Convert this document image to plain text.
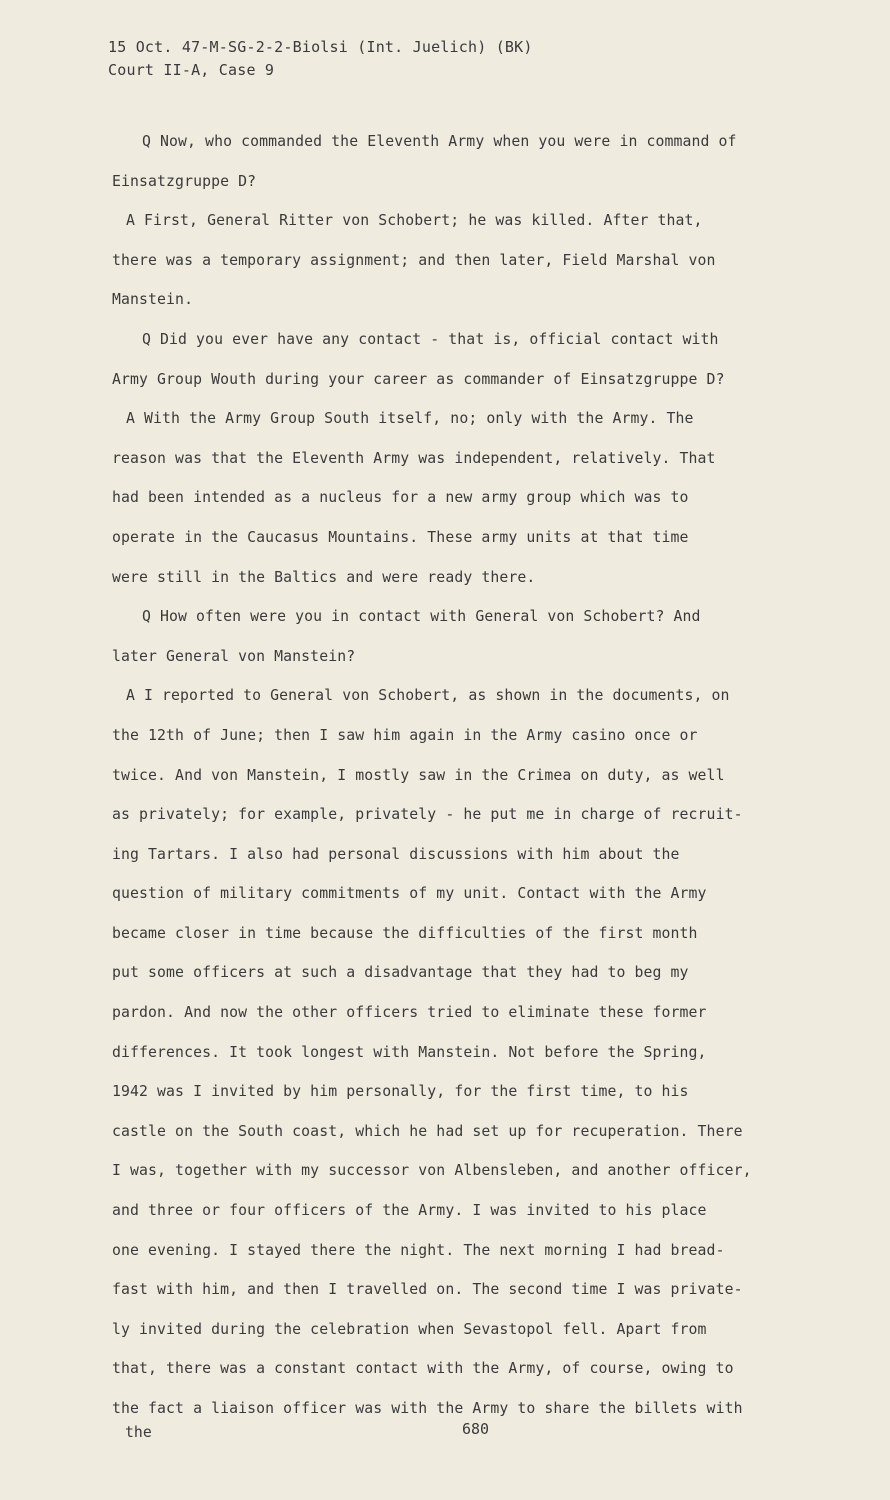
15 Oct. 47-M-SG-2-2-Biolsi (Int. Juelich) (BK)
Court II-A, Case 9
Q Now, who commanded the Eleventh Army when you were in command of
Einsatzgruppe D?
A First, General Ritter von Schobert; he was killed. After that,
there was a temporary assignment; and then later, Field Marshal von
Manstein.
Q Did you ever have any contact - that is, official contact with
Army Group Wouth during your career as commander of Einsatzgruppe D?
A With the Army Group South itself, no; only with the Army. The
reason was that the Eleventh Army was independent, relatively. That
had been intended as a nucleus for a new army group which was to
operate in the Caucasus Mountains. These army units at that time
were still in the Baltics and were ready there.
Q How often were you in contact with General von Schobert? And
later General von Manstein?
A I reported to General von Schobert, as shown in the documents, on
the 12th of June; then I saw him again in the Army casino once or
twice. And von Manstein, I mostly saw in the Crimea on duty, as well
as privately; for example, privately - he put me in charge of recruit-
ing Tartars. I also had personal discussions with him about the
question of military commitments of my unit. Contact with the Army
became closer in time because the difficulties of the first month
put some officers at such a disadvantage that they had to beg my
pardon. And now the other officers tried to eliminate these former
differences. It took longest with Manstein. Not before the Spring,
1942 was I invited by him personally, for the first time, to his
castle on the South coast, which he had set up for recuperation. There
I was, together with my successor von Albensleben, and another officer,
and three or four officers of the Army. I was invited to his place
one evening. I stayed there the night. The next morning I had bread-
fast with him, and then I travelled on. The second time I was private-
ly invited during the celebration when Sevastopol fell. Apart from
that, there was a constant contact with the Army, of course, owing to
the fact a liaison officer was with the Army to share the billets with
the	680
